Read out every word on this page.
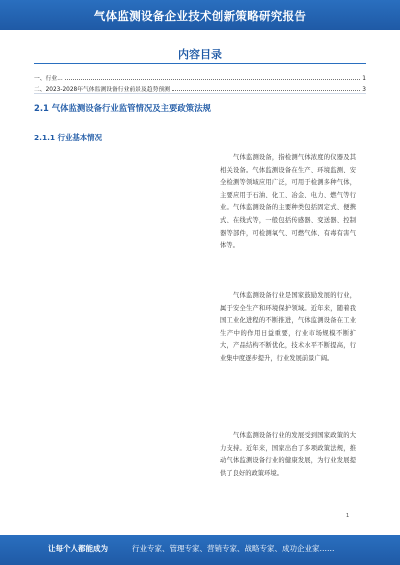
气体监测设备企业技术创新策略研究报告
内容目录
一、行业...	1
二、2023-2028年气体监测设备行业前景及趋势预测	3
2.1 气体监测设备行业监管情况及主要政策法规
2.1.1 行业基本情况
气体监测设备，指检测气体浓度的仪器及其相关设备。气体监测设备在生产、环境监测、安全检测等领域应用广泛，可用于检测多种气体，主要应用于石油、化工、冶金、电力、燃气等行业。气体监测设备的主要种类包括固定式、便携式、在线式等，一般包括传感器、变送器、控制器等部件，可检测氧气、可燃气体、有毒有害气体等。
气体监测设备行业是国家鼓励发展的行业，属于安全生产和环境保护领域。近年来，随着我国工业化进程的不断推进，气体监测设备在工业生产中的作用日益重要，行业市场规模不断扩大，产品结构不断优化，技术水平不断提高，行业集中度逐步提升，行业发展前景广阔。
气体监测设备行业的发展受到国家政策的大力支持。近年来，国家出台了多项政策法规，推动气体监测设备行业的健康发展，为行业发展提供了良好的政策环境。
1
让每个人都能成为	行业专家、管理专家、营销专家、战略专家、成功企业家……
